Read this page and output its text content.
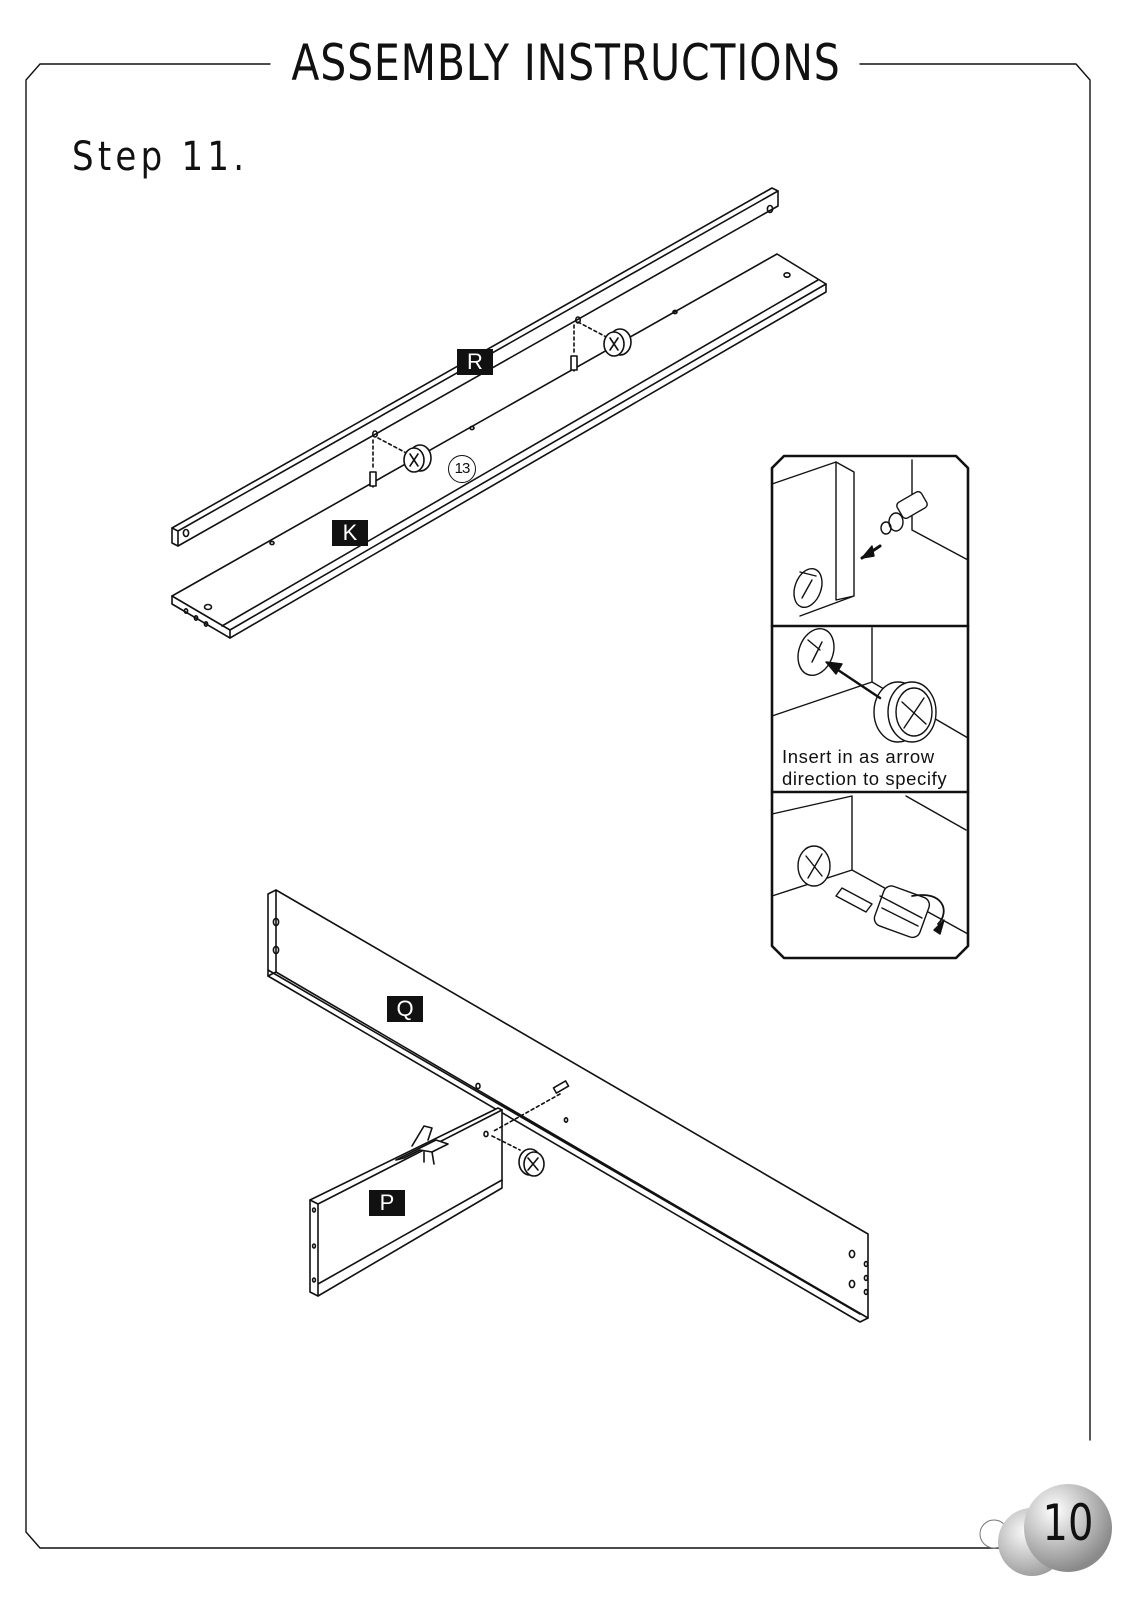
ASSEMBLY INSTRUCTIONS
Step 11.
R
K
Q
P
13
Insert in as arrow direction to specify
10
